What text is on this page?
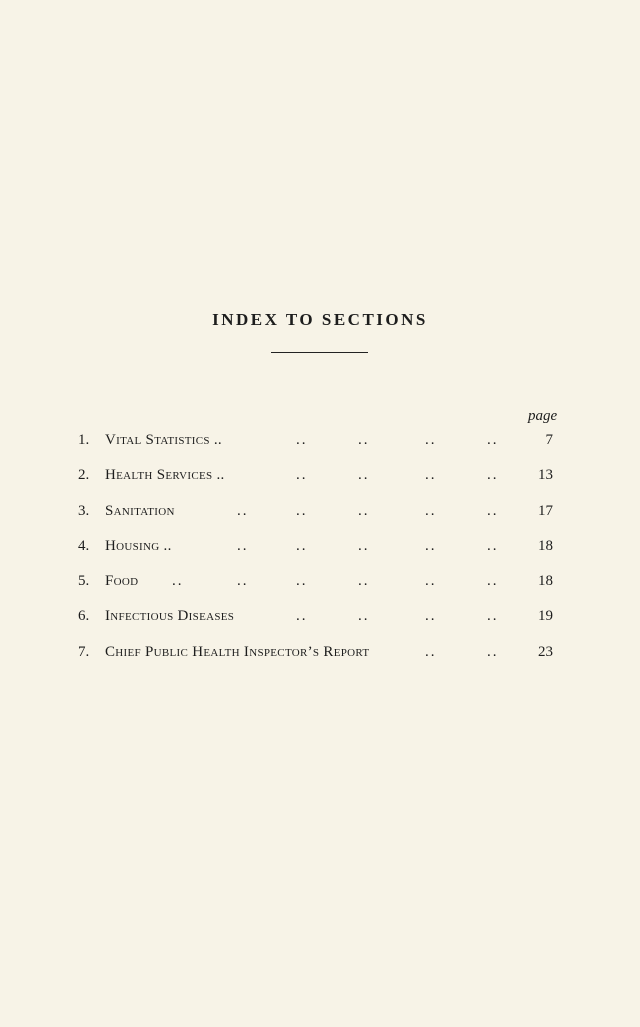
INDEX TO SECTIONS
page
1. Vital Statistics ..	..	..	..	..	7
2. Health Services ..	..	..	..	..	13
3. Sanitation	..	..	..	..	..	17
4. Housing ..	..	..	..	..	..	18
5. Food ..	..	..	..	..	..	18
6. Infectious Diseases	..	..	..	..	19
7. Chief Public Health Inspector’s Report	..	..	23
